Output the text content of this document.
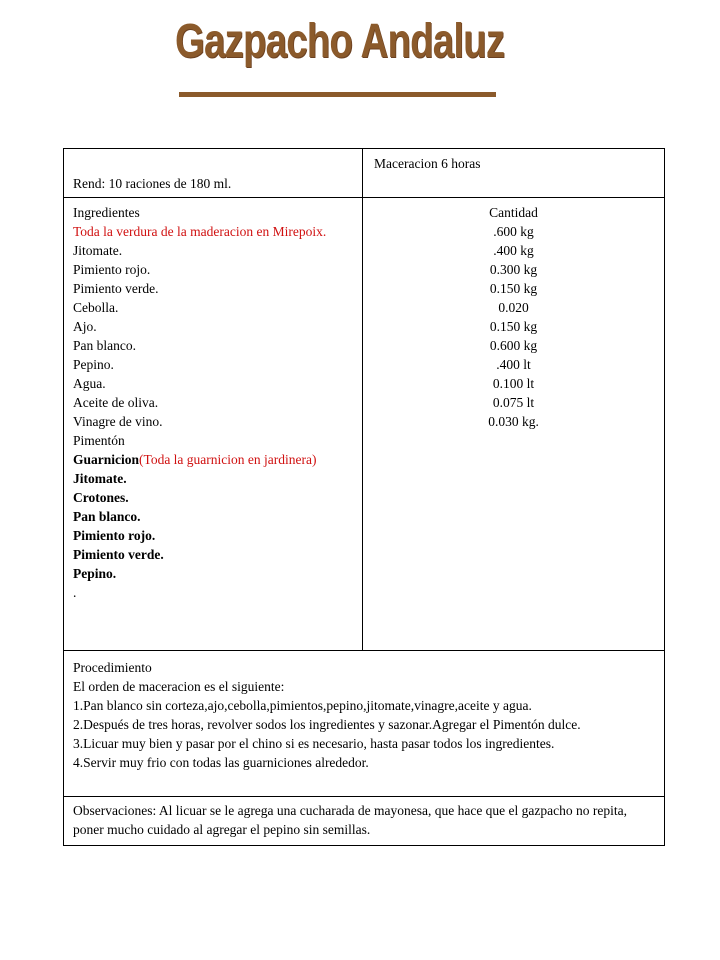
Gazpacho Andaluz
Rend: 10 raciones de 180 ml.
Maceracion 6 horas
Ingredientes
Toda la verdura de la maderacion en Mirepoix.
Jitomate.
Pimiento rojo.
Pimiento verde.
Cebolla.
Ajo.
Pan blanco.
Pepino.
Agua.
Aceite de oliva.
Vinagre de vino.
Pimentón
Guarnicion(Toda la guarnicion en jardinera)
Jitomate.
Crotones.
Pan blanco.
Pimiento rojo.
Pimiento verde.
Pepino.
.
Cantidad
.600 kg
.400 kg
0.300 kg
0.150 kg
0.020
0.150 kg
0.600 kg
.400 lt
0.100 lt
0.075 lt
0.030 kg.
Procedimiento
El orden de maceracion es el siguiente:
1.Pan blanco sin corteza,ajo,cebolla,pimientos,pepino,jitomate,vinagre,aceite y agua.
2.Después de tres horas, revolver sodos los ingredientes y sazonar.Agregar el Pimentón dulce.
3.Licuar muy bien y pasar por el chino si es necesario, hasta pasar todos los ingredientes.
4.Servir muy frio con todas las guarniciones alrededor.
Observaciones: Al licuar se le agrega una cucharada de mayonesa, que hace que el gazpacho no repita, poner mucho cuidado al agregar el pepino sin semillas.
